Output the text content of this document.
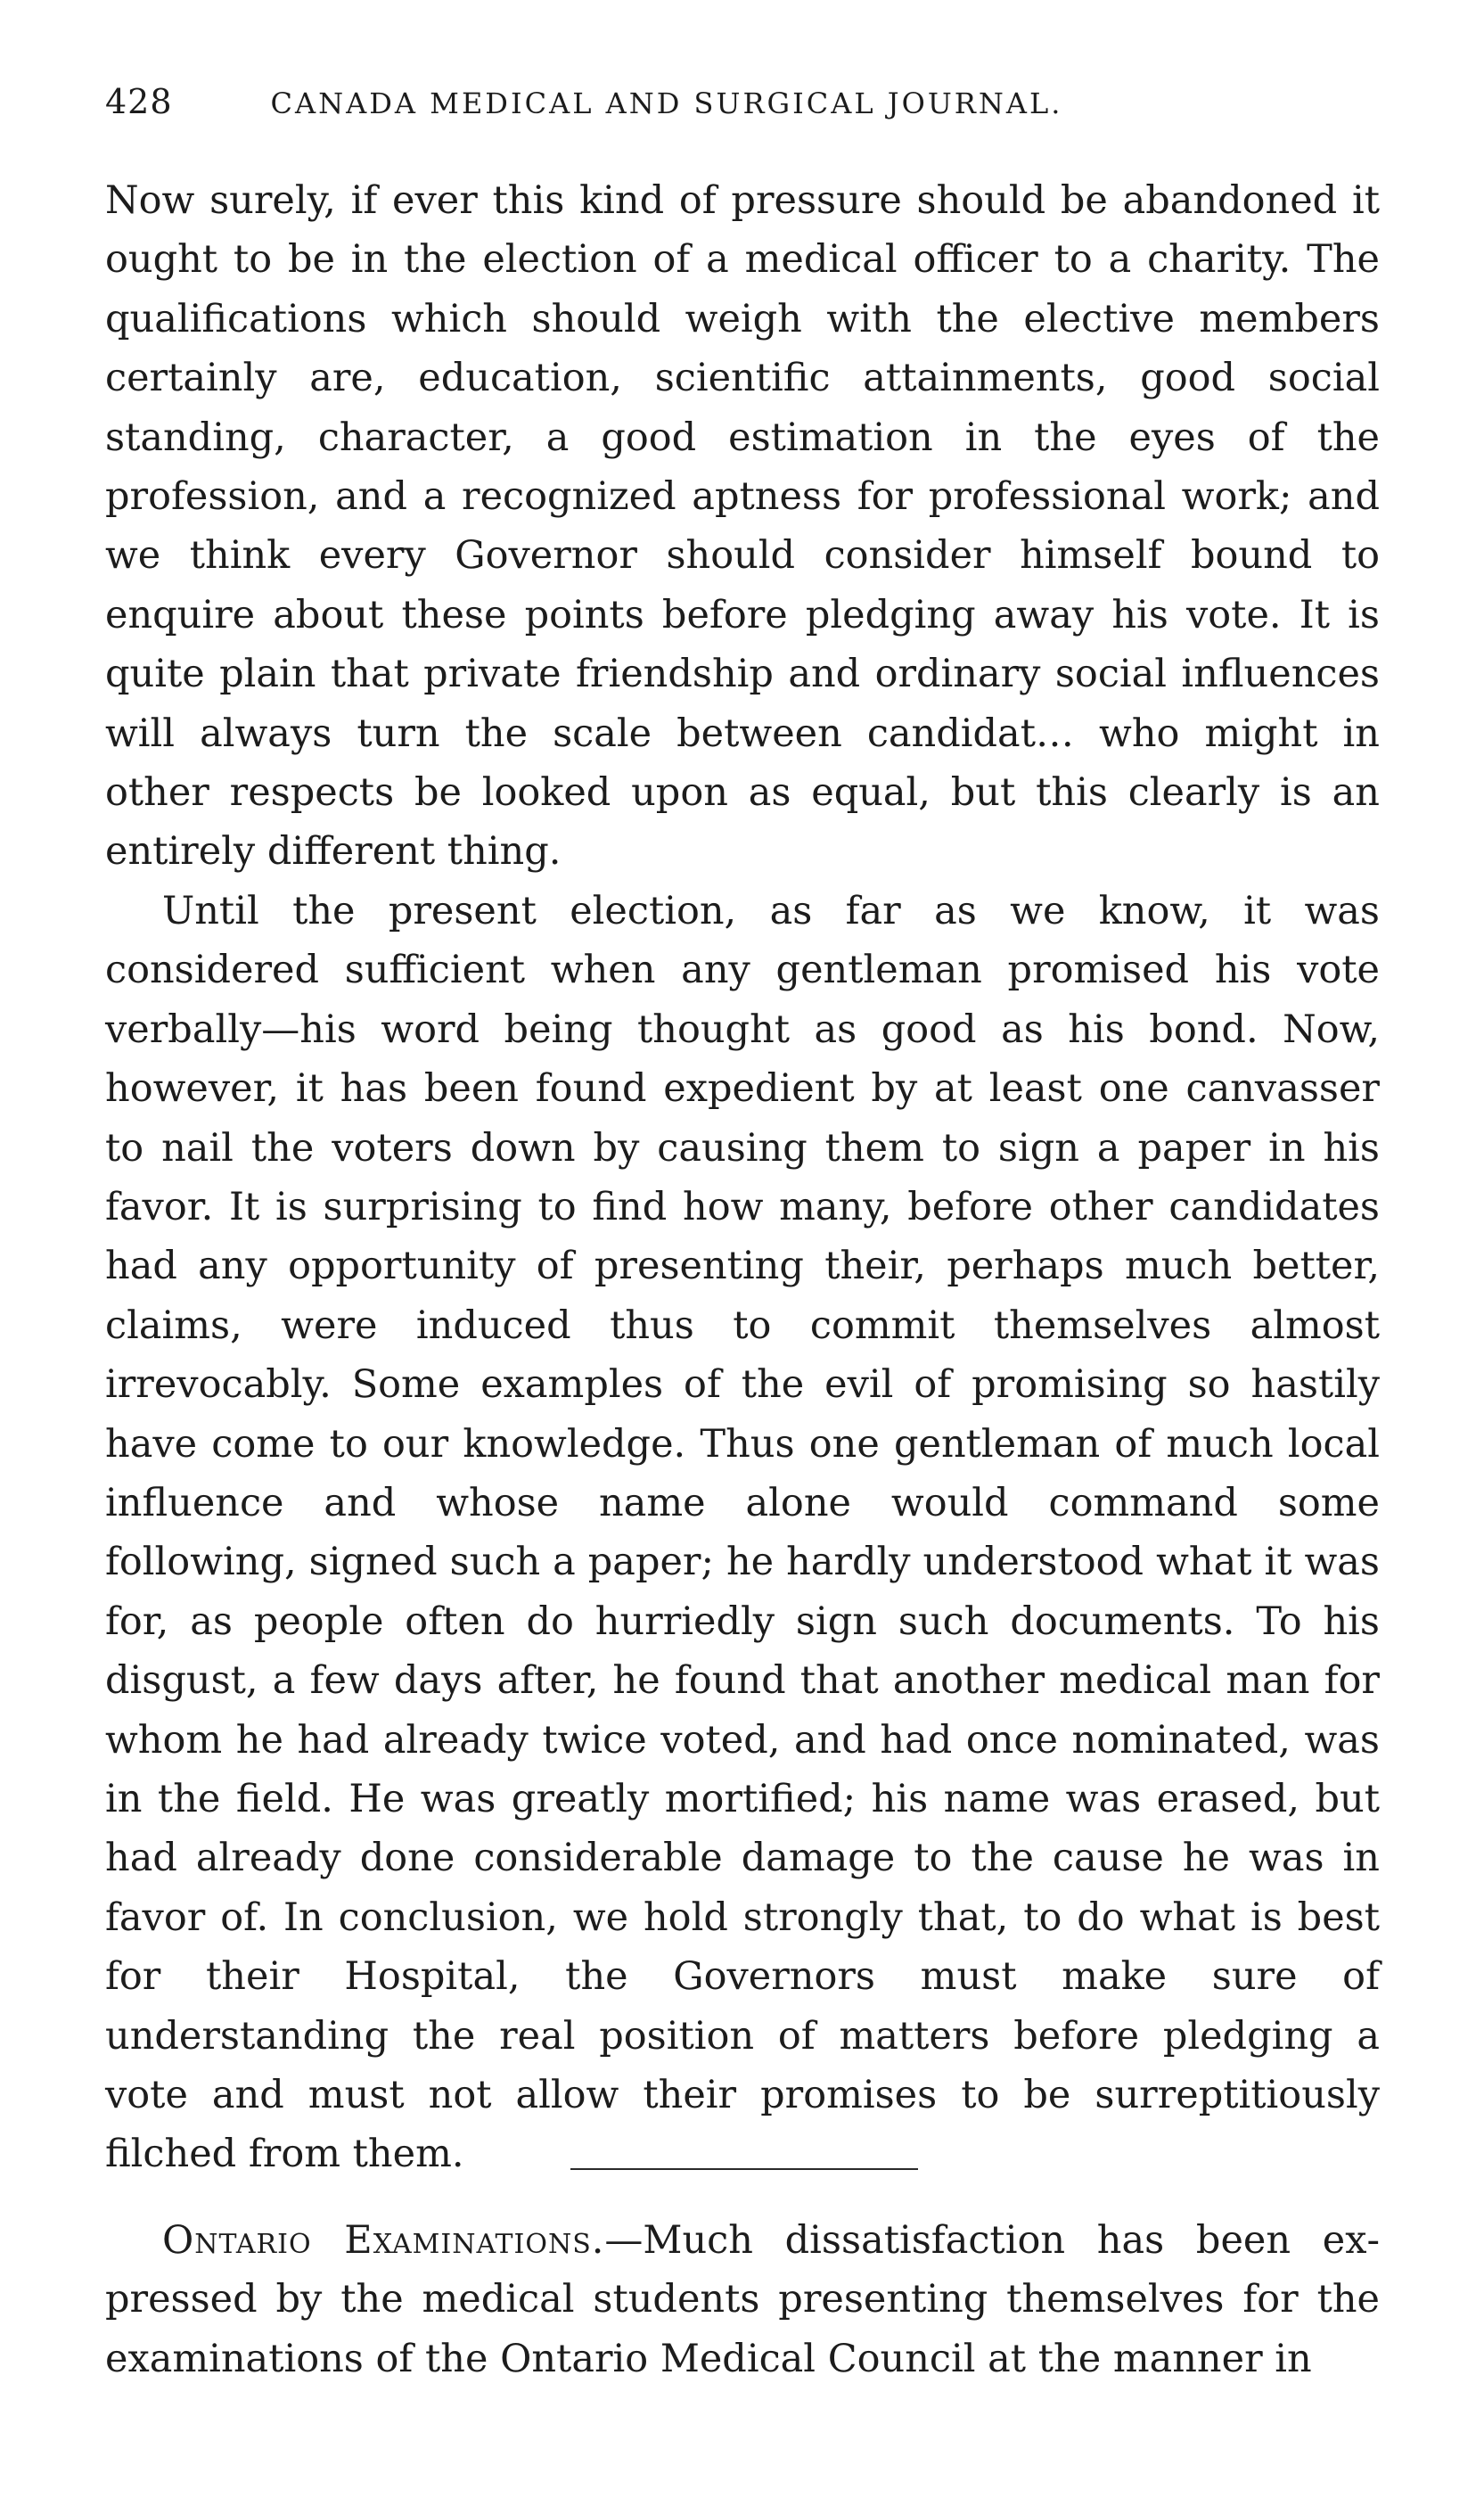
428	CANADA MEDICAL AND SURGICAL JOURNAL.

Now surely, if ever this kind of pressure should be abandoned it ought to be in the election of a medical officer to a charity. The qualifications which should weigh with the elective members certainly are, education, scientific attainments, good social standing, character, a good estimation in the eyes of the profession, and a recognized aptness for professional work; and we think every Governor should consider himself bound to enquire about these points before pledging away his vote. It is quite plain that private friendship and ordinary social influences will always turn the scale between candidat… who might in other respects be looked upon as equal, but this clearly is an entirely different thing.

Until the present election, as far as we know, it was considered sufficient when any gentleman promised his vote verbally—his word being thought as good as his bond. Now, however, it has been found expedient by at least one canvasser to nail the voters down by causing them to sign a paper in his favor. It is surprising to find how many, before other candidates had any opportunity of presenting their, perhaps much better, claims, were induced thus to commit themselves almost irrevocably. Some examples of the evil of promising so hastily have come to our knowledge. Thus one gentleman of much local influence and whose name alone would command some following, signed such a paper; he hardly understood what it was for, as people often do hurriedly sign such documents. To his disgust, a few days after, he found that another medical man for whom he had already twice voted, and had once nominated, was in the field. He was greatly mortified; his name was erased, but had already done considerable damage to the cause he was in favor of. In conclusion, we hold strongly that, to do what is best for their Hospital, the Governors must make sure of understanding the real position of matters before pledging a vote and must not allow their promises to be surreptitiously filched from them.

Ontario Examinations.—Much dissatisfaction has been expressed by the medical students presenting themselves for the examinations of the Ontario Medical Council at the manner in
